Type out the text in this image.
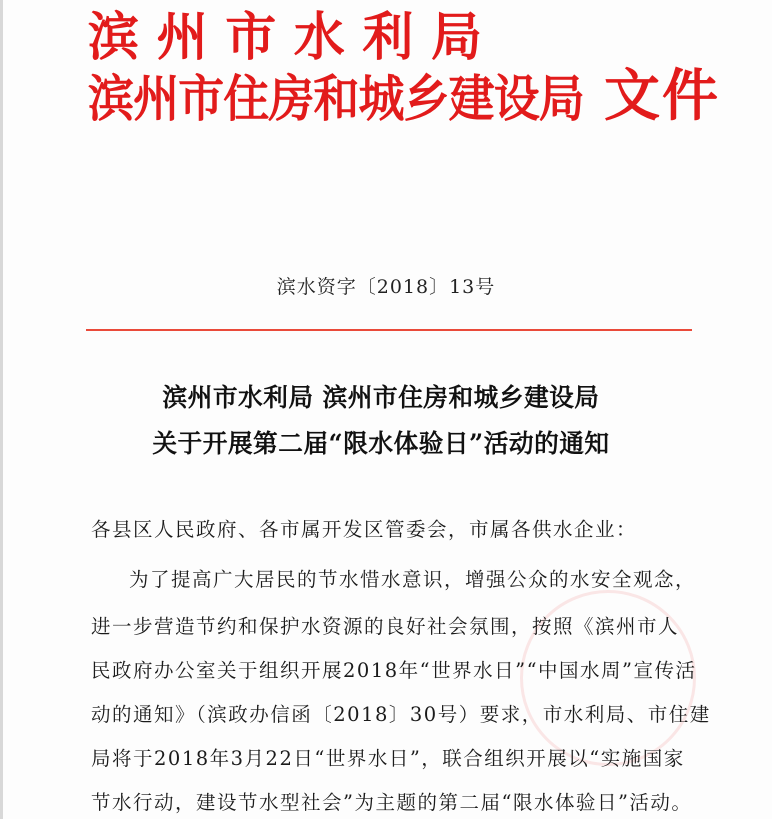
滨州市水利局
滨州市住房和城乡建设局 文件
滨水资字〔2018〕13号
滨州市水利局 滨州市住房和城乡建设局
关于开展第二届“限水体验日”活动的通知
各县区人民政府、各市属开发区管委会，市属各供水企业：
为了提高广大居民的节水惜水意识，增强公众的水安全观念，
进一步营造节约和保护水资源的良好社会氛围，按照《滨州市人
民政府办公室关于组织开展2018年“世界水日”“中国水周”宣传活
动的通知》（滨政办信函〔2018〕30号）要求，市水利局、市住建
局将于2018年3月22日“世界水日”，联合组织开展以“实施国家
节水行动，建设节水型社会”为主题的第二届“限水体验日”活动。
